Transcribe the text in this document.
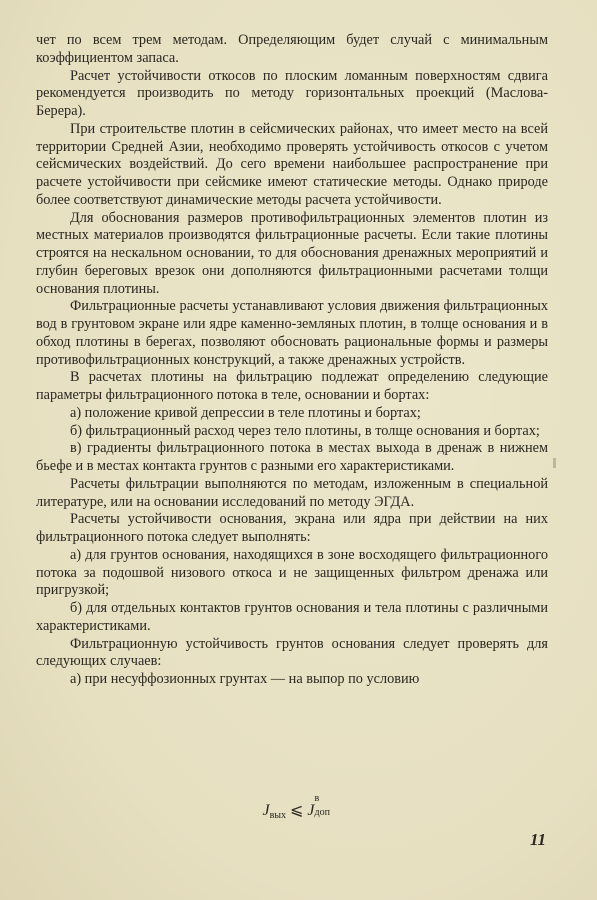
чет по всем трем методам. Определяющим будет случай с минимальным коэффициентом запаса.

Расчет устойчивости откосов по плоским ломанным поверхностям сдвига рекомендуется производить по методу горизонтальных проекций (Маслова-Берера).

При строительстве плотин в сейсмических районах, что имеет место на всей территории Средней Азии, необходимо проверять устойчивость откосов с учетом сейсмических воздействий. До сего времени наибольшее распространение при расчете устойчивости при сейсмике имеют статические методы. Однако природе более соответствуют динамические методы расчета устойчивости.

Для обоснования размеров противофильтрационных элементов плотин из местных материалов производятся фильтрационные расчеты. Если такие плотины строятся на нескальном основании, то для обоснования дренажных мероприятий и глубин береговых врезок они дополняются фильтрационными расчетами толщи основания плотины.

Фильтрационные расчеты устанавливают условия движения фильтрационных вод в грунтовом экране или ядре каменно-земляных плотин, в толще основания и в обход плотины в берегах, позволяют обосновать рациональные формы и размеры противофильтрационных конструкций, а также дренажных устройств.

В расчетах плотины на фильтрацию подлежат определению следующие параметры фильтрационного потока в теле, основании и бортах:

а) положение кривой депрессии в теле плотины и бортах;

б) фильтрационный расход через тело плотины, в толще основания и бортах;

в) градиенты фильтрационного потока в местах выхода в дренаж в нижнем бьефе и в местах контакта грунтов с разными его характеристиками.

Расчеты фильтрации выполняются по методам, изложенным в специальной литературе, или на основании исследований по методу ЭГДА.

Расчеты устойчивости основания, экрана или ядра при действии на них фильтрационного потока следует выполнять:

а) для грунтов основания, находящихся в зоне восходящего фильтрационного потока за подошвой низового откоса и не защищенных фильтром дренажа или пригрузкой;

б) для отдельных контактов грунтов основания и тела плотины с различными характеристиками.

Фильтрационную устойчивость грунтов основания следует проверять для следующих случаев:

а) при несуффозионных грунтах — на выпор по условию

$J_{вых}$ ⩽ J
в
доп
11
